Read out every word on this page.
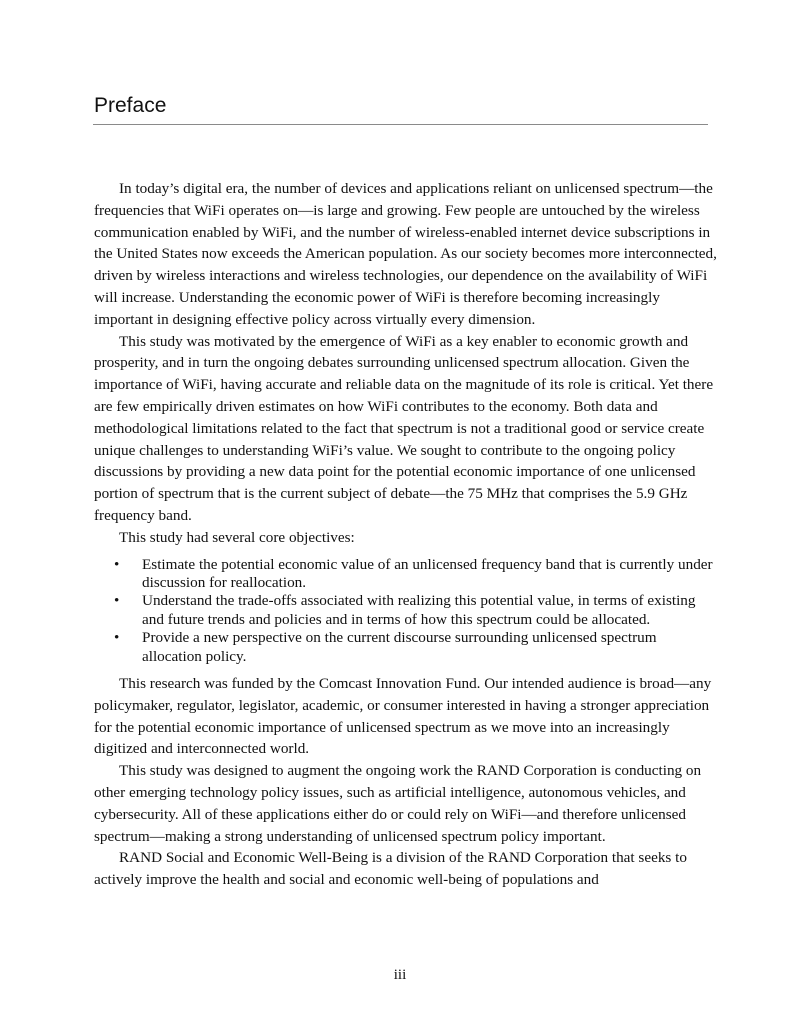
Preface

In today’s digital era, the number of devices and applications reliant on unlicensed spectrum—the frequencies that WiFi operates on—is large and growing. Few people are untouched by the wireless communication enabled by WiFi, and the number of wireless-enabled internet device subscriptions in the United States now exceeds the American population. As our society becomes more interconnected, driven by wireless interactions and wireless technologies, our dependence on the availability of WiFi will increase. Understanding the economic power of WiFi is therefore becoming increasingly important in designing effective policy across virtually every dimension.

This study was motivated by the emergence of WiFi as a key enabler to economic growth and prosperity, and in turn the ongoing debates surrounding unlicensed spectrum allocation. Given the importance of WiFi, having accurate and reliable data on the magnitude of its role is critical. Yet there are few empirically driven estimates on how WiFi contributes to the economy. Both data and methodological limitations related to the fact that spectrum is not a traditional good or service create unique challenges to understanding WiFi’s value. We sought to contribute to the ongoing policy discussions by providing a new data point for the potential economic importance of one unlicensed portion of spectrum that is the current subject of debate—the 75 MHz that comprises the 5.9 GHz frequency band.

This study had several core objectives:

• Estimate the potential economic value of an unlicensed frequency band that is currently under discussion for reallocation.
• Understand the trade-offs associated with realizing this potential value, in terms of existing and future trends and policies and in terms of how this spectrum could be allocated.
• Provide a new perspective on the current discourse surrounding unlicensed spectrum allocation policy.

This research was funded by the Comcast Innovation Fund. Our intended audience is broad—any policymaker, regulator, legislator, academic, or consumer interested in having a stronger appreciation for the potential economic importance of unlicensed spectrum as we move into an increasingly digitized and interconnected world.

This study was designed to augment the ongoing work the RAND Corporation is conducting on other emerging technology policy issues, such as artificial intelligence, autonomous vehicles, and cybersecurity. All of these applications either do or could rely on WiFi—and therefore unlicensed spectrum—making a strong understanding of unlicensed spectrum policy important.

RAND Social and Economic Well-Being is a division of the RAND Corporation that seeks to actively improve the health and social and economic well-being of populations and

iii
